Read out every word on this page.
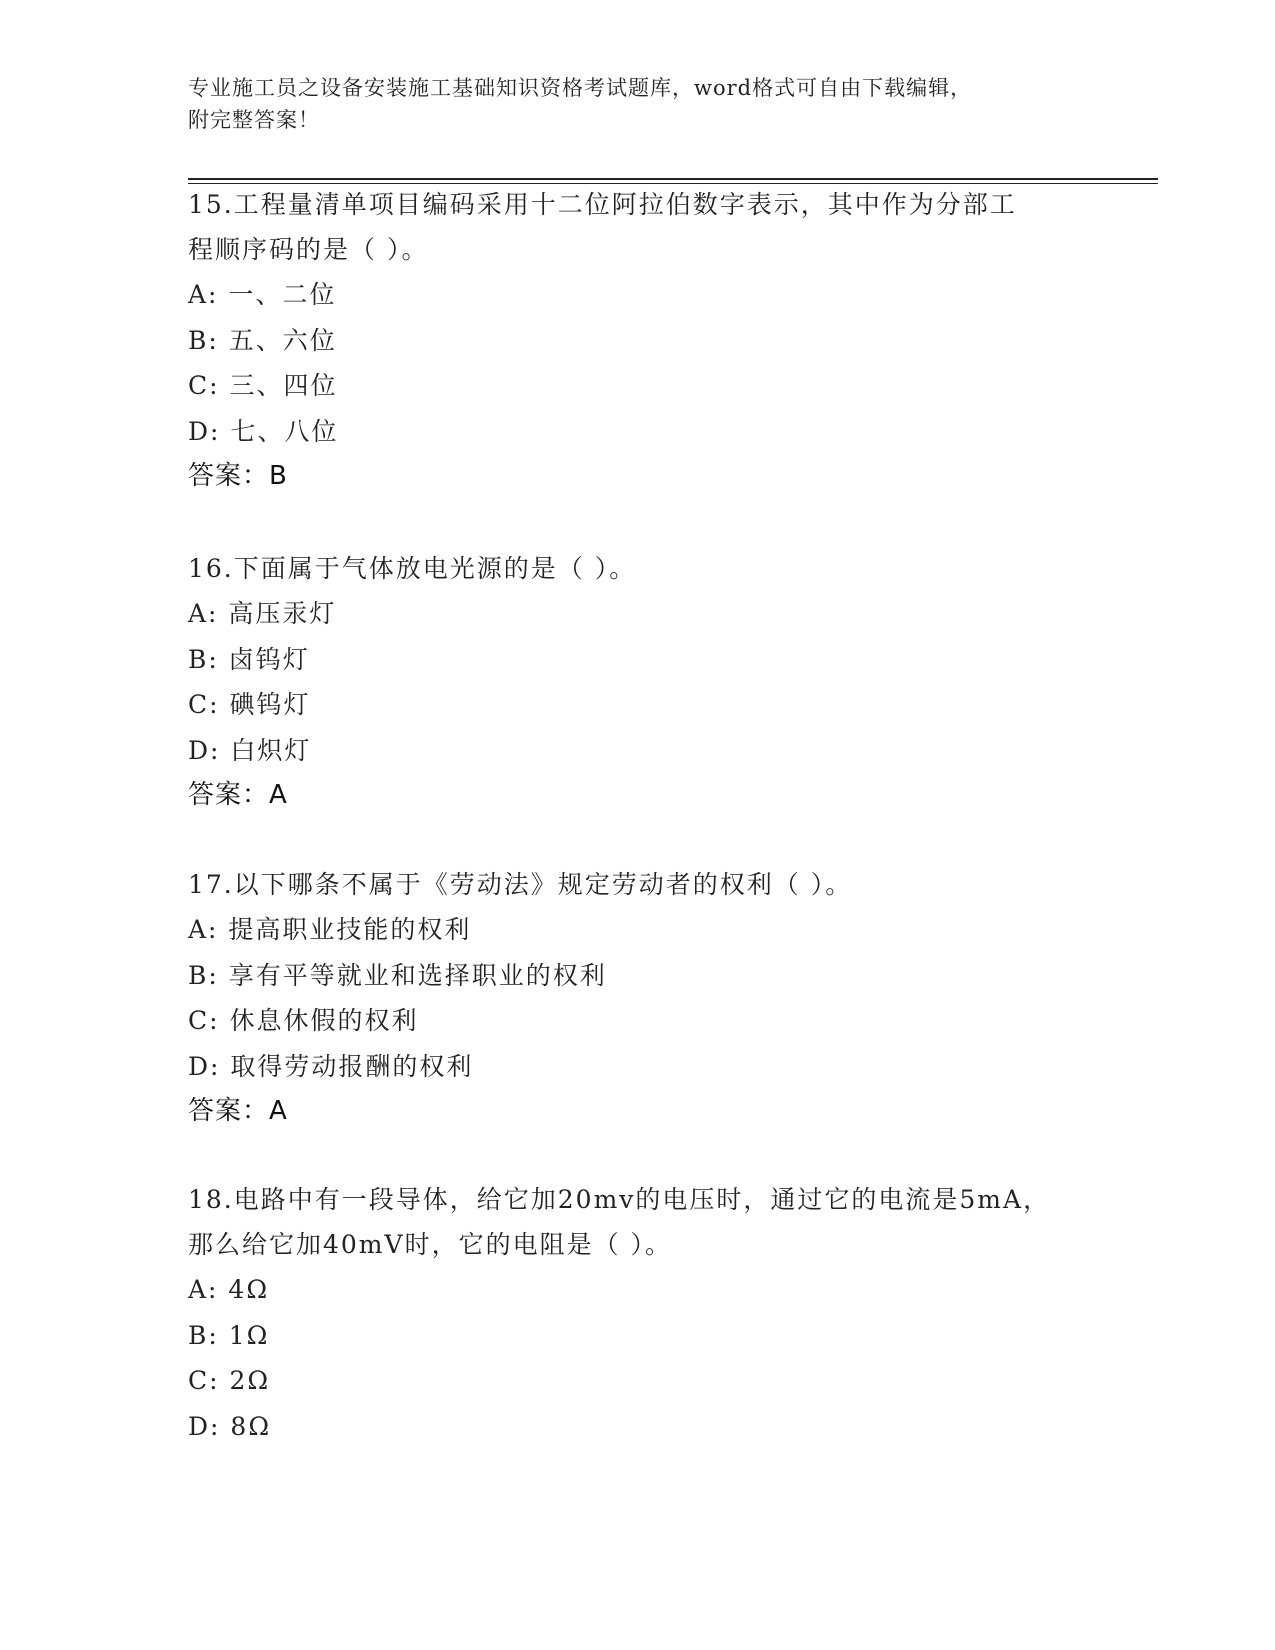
专业施工员之设备安装施工基础知识资格考试题库，word格式可自由下载编辑，
附完整答案！
15.工程量清单项目编码采用十二位阿拉伯数字表示，其中作为分部工
程顺序码的是（ ）。
A: 一、二位
B: 五、六位
C: 三、四位
D: 七、八位
答案：B
16.下面属于气体放电光源的是（ ）。
A: 高压汞灯
B: 卤钨灯
C: 碘钨灯
D: 白炽灯
答案：A
17.以下哪条不属于《劳动法》规定劳动者的权利（ ）。
A: 提高职业技能的权利
B: 享有平等就业和选择职业的权利
C: 休息休假的权利
D: 取得劳动报酬的权利
答案：A
18.电路中有一段导体，给它加20mv的电压时，通过它的电流是5mA，
那么给它加40mV时，它的电阻是（ ）。
A: 4Ω
B: 1Ω
C: 2Ω
D: 8Ω
